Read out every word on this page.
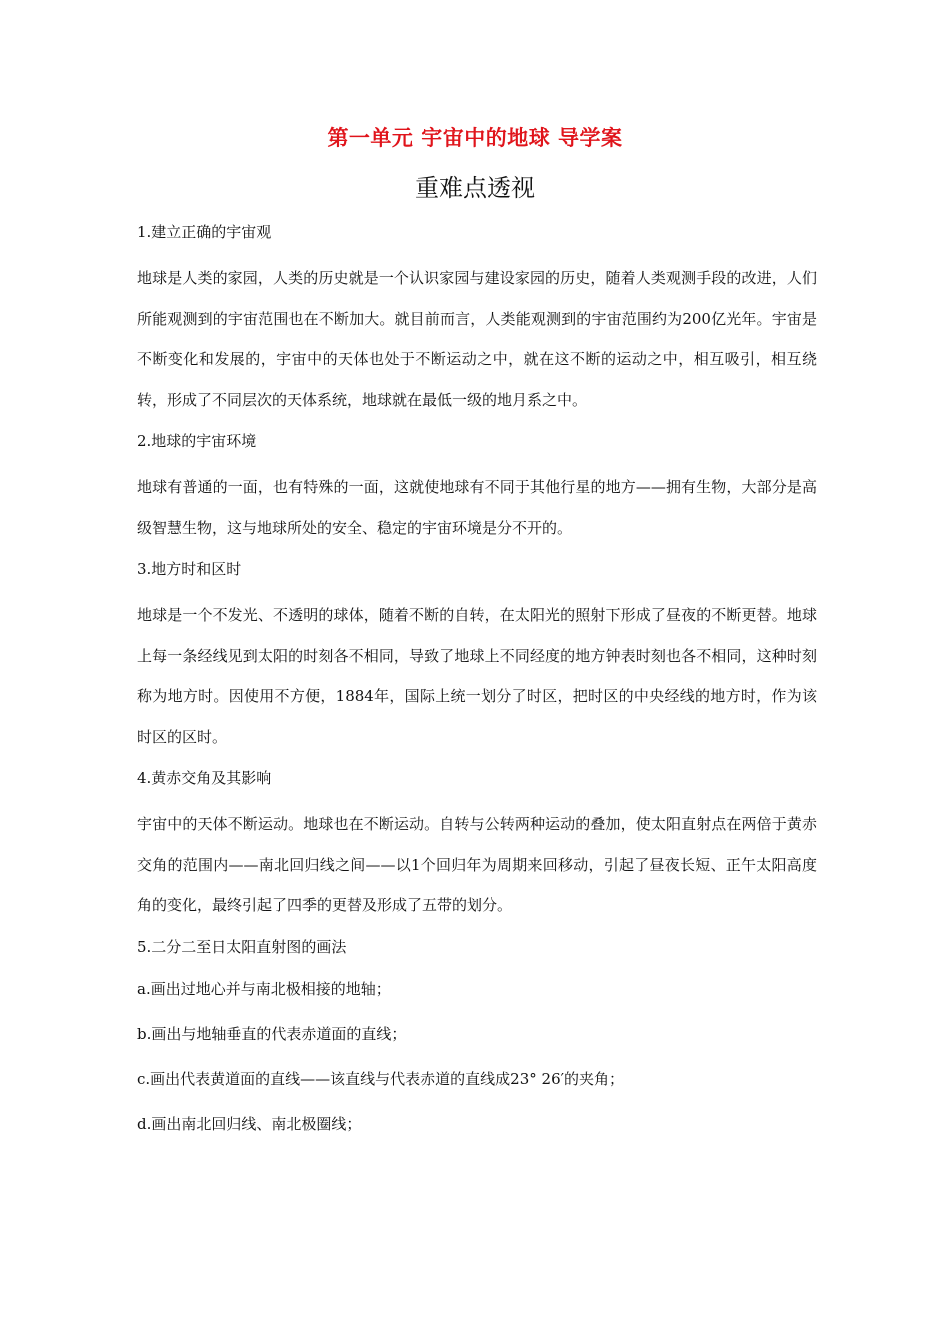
第一单元 宇宙中的地球 导学案
重难点透视
1.建立正确的宇宙观
地球是人类的家园，人类的历史就是一个认识家园与建设家园的历史，随着人类观测手段的改进，人们所能观测到的宇宙范围也在不断加大。就目前而言，人类能观测到的宇宙范围约为200亿光年。宇宙是不断变化和发展的，宇宙中的天体也处于不断运动之中，就在这不断的运动之中，相互吸引，相互绕转，形成了不同层次的天体系统，地球就在最低一级的地月系之中。
2.地球的宇宙环境
地球有普通的一面，也有特殊的一面，这就使地球有不同于其他行星的地方——拥有生物，大部分是高级智慧生物，这与地球所处的安全、稳定的宇宙环境是分不开的。
3.地方时和区时
地球是一个不发光、不透明的球体，随着不断的自转，在太阳光的照射下形成了昼夜的不断更替。地球上每一条经线见到太阳的时刻各不相同，导致了地球上不同经度的地方钟表时刻也各不相同，这种时刻称为地方时。因使用不方便，1884年，国际上统一划分了时区，把时区的中央经线的地方时，作为该时区的区时。
4.黄赤交角及其影响
宇宙中的天体不断运动。地球也在不断运动。自转与公转两种运动的叠加，使太阳直射点在两倍于黄赤交角的范围内——南北回归线之间——以1个回归年为周期来回移动，引起了昼夜长短、正午太阳高度角的变化，最终引起了四季的更替及形成了五带的划分。
5.二分二至日太阳直射图的画法
a.画出过地心并与南北极相接的地轴；
b.画出与地轴垂直的代表赤道面的直线；
c.画出代表黄道面的直线——该直线与代表赤道的直线成23° 26′的夹角；
d.画出南北回归线、南北极圈线；
